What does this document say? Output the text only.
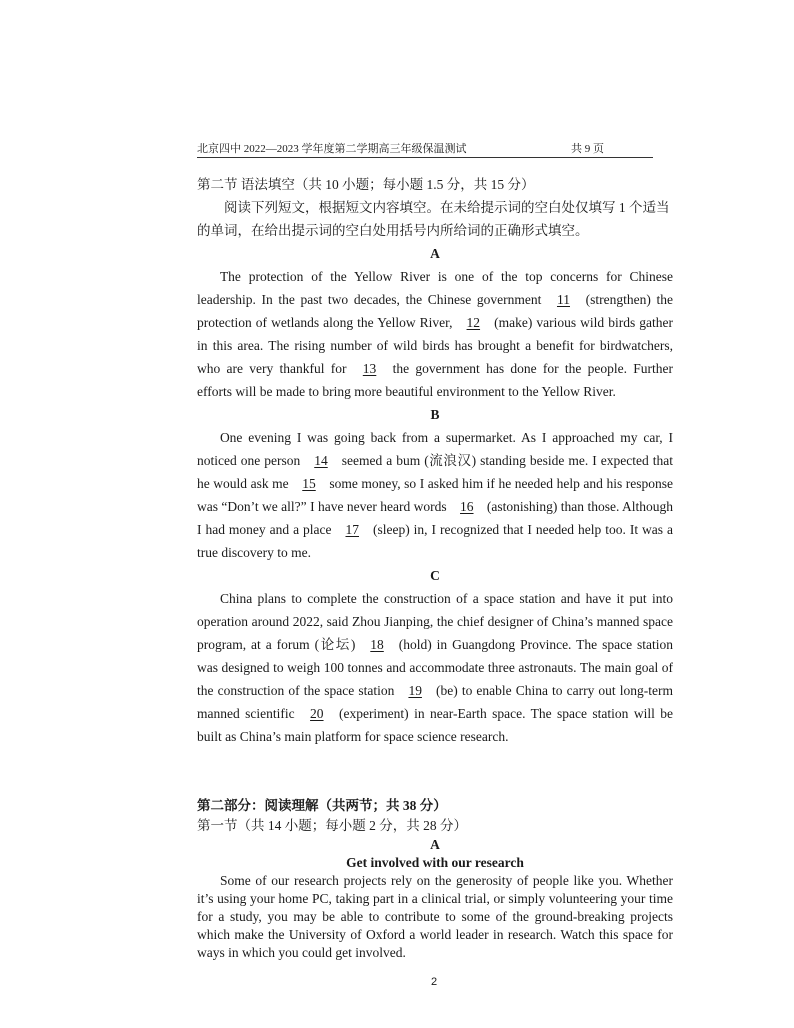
北京四中 2022—2023 学年度第二学期高三年级保温测试	共 9 页

第二节 语法填空（共 10 小题；每小题 1.5 分，共 15 分）

阅读下列短文，根据短文内容填空。在未给提示词的空白处仅填写 1 个适当的单词，在给出提示词的空白处用括号内所给词的正确形式填空。

A

The protection of the Yellow River is one of the top concerns for Chinese leadership. In the past two decades, the Chinese government 11 (strengthen) the protection of wetlands along the Yellow River, 12 (make) various wild birds gather in this area. The rising number of wild birds has brought a benefit for birdwatchers, who are very thankful for 13 the government has done for the people. Further efforts will be made to bring more beautiful environment to the Yellow River.

B

One evening I was going back from a supermarket. As I approached my car, I noticed one person 14 seemed a bum (流浪汉) standing beside me. I expected that he would ask me 15 some money, so I asked him if he needed help and his response was “Don’t we all?” I have never heard words 16 (astonishing) than those. Although I had money and a place 17 (sleep) in, I recognized that I needed help too. It was a true discovery to me.

C

China plans to complete the construction of a space station and have it put into operation around 2022, said Zhou Jianping, the chief designer of China’s manned space program, at a forum (论坛) 18 (hold) in Guangdong Province. The space station was designed to weigh 100 tonnes and accommodate three astronauts. The main goal of the construction of the space station 19 (be) to enable China to carry out long-term manned scientific 20 (experiment) in near-Earth space. The space station will be built as China’s main platform for space science research.

第二部分：阅读理解（共两节；共 38 分）

第一节（共 14 小题；每小题 2 分，共 28 分）

A

Get involved with our research

Some of our research projects rely on the generosity of people like you. Whether it’s using your home PC, taking part in a clinical trial, or simply volunteering your time for a study, you may be able to contribute to some of the ground-breaking projects which make the University of Oxford a world leader in research. Watch this space for ways in which you could get involved.

2
